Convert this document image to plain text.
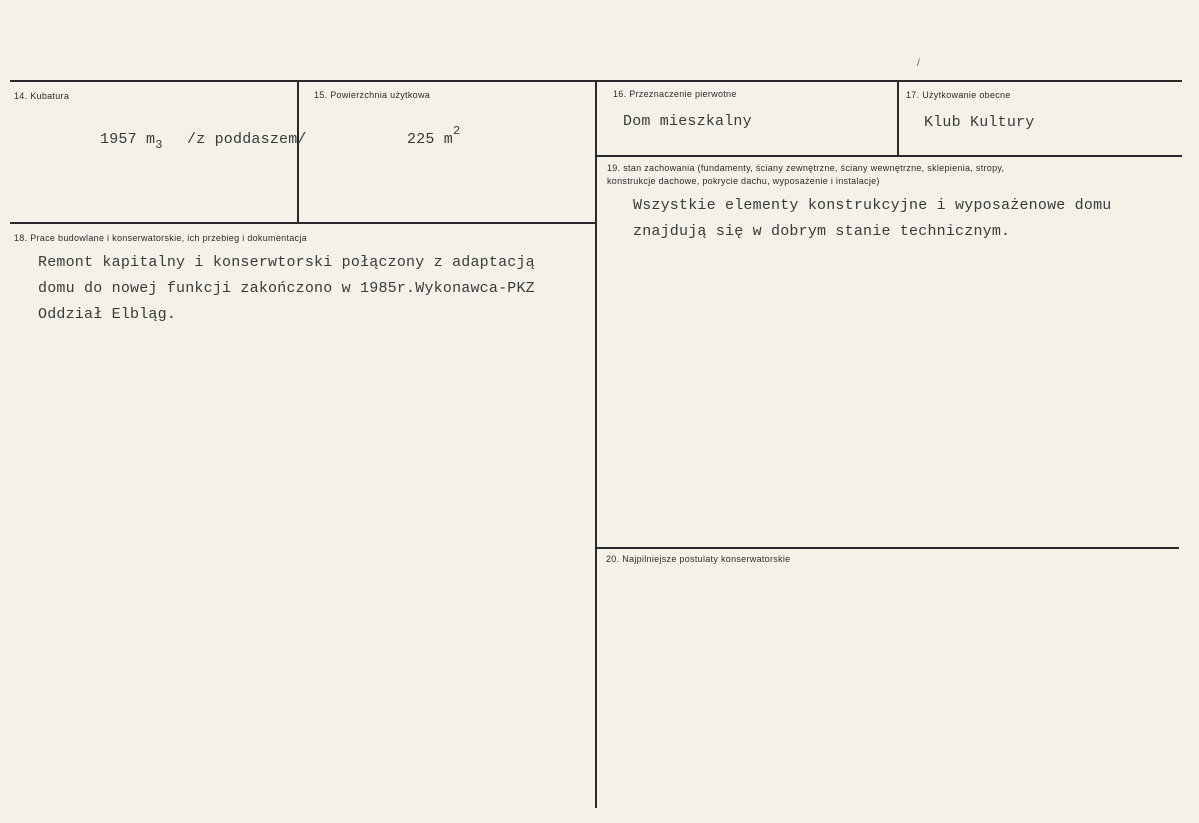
14. Kubatura
1957 $m_3$ /z poddaszem/
15. Powierzchnia użytkowa
225 $m^2$
16. Przeznaczenie pierwotne
Dom mieszkalny
17. Użytkowanie obecne
Klub Kultury
19. stan zachowania (fundamenty, ściany zewnętrzne, ściany wewnętrzne, sklepienia, stropy,
konstrukcje dachowe, pokrycie dachu, wyposażenie i instalacje)
Wszystkie elementy konstrukcyjne i wyposażenowe domu
znajdują się w dobrym stanie technicznym.
18. Prace budowlane i konserwatorskie, ich przebieg i dokumentacja
Remont kapitalny i konserwtorski połączony z adaptacją
domu do nowej funkcji zakończono w 1985r.Wykonawca-PKZ
Oddział Elbląg.
20. Najpilniejsze postulaty konserwatorskie
/
